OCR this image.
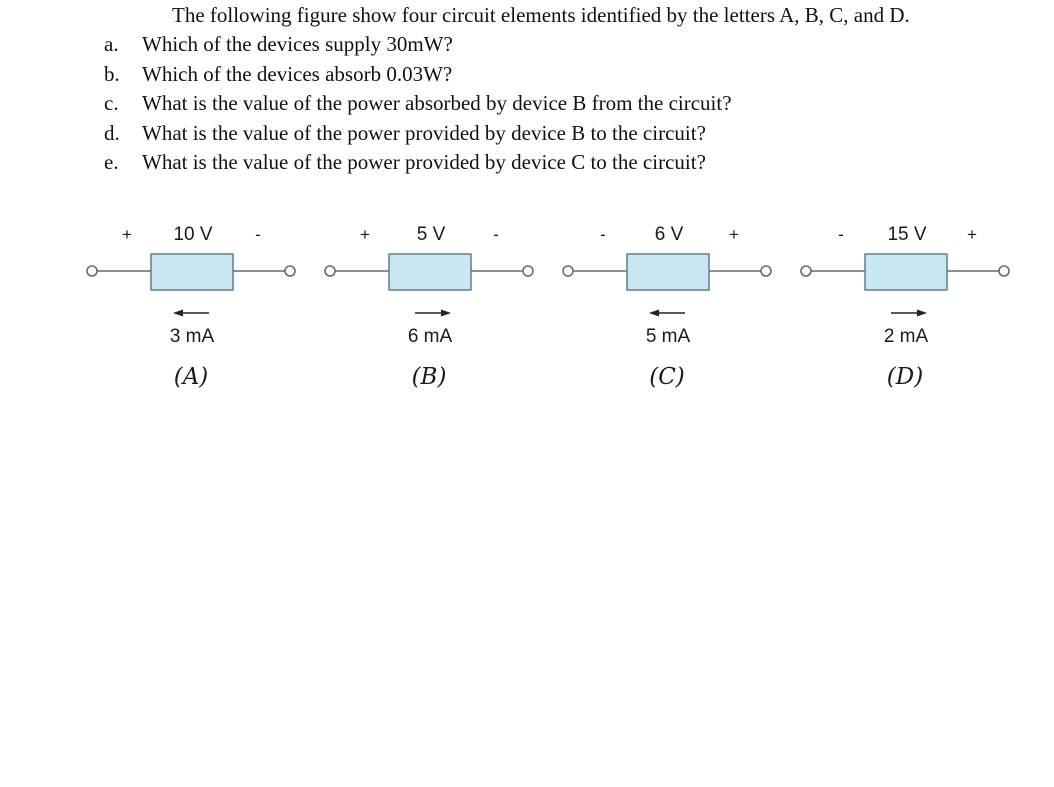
The following figure show four circuit elements identified by the letters A, B, C, and D.
a. Which of the devices supply 30mW?
b. Which of the devices absorb 0.03W?
c. What is the value of the power absorbed by device B from the circuit?
d. What is the value of the power provided by device B to the circuit?
e. What is the value of the power provided by device C to the circuit?
+ 10 V	-
3 mA
(A)
+ 5 V	-
6 mA
(B)
-	6 V	+
5 mA
(C)
- 15 V +
2 mA
(D)
